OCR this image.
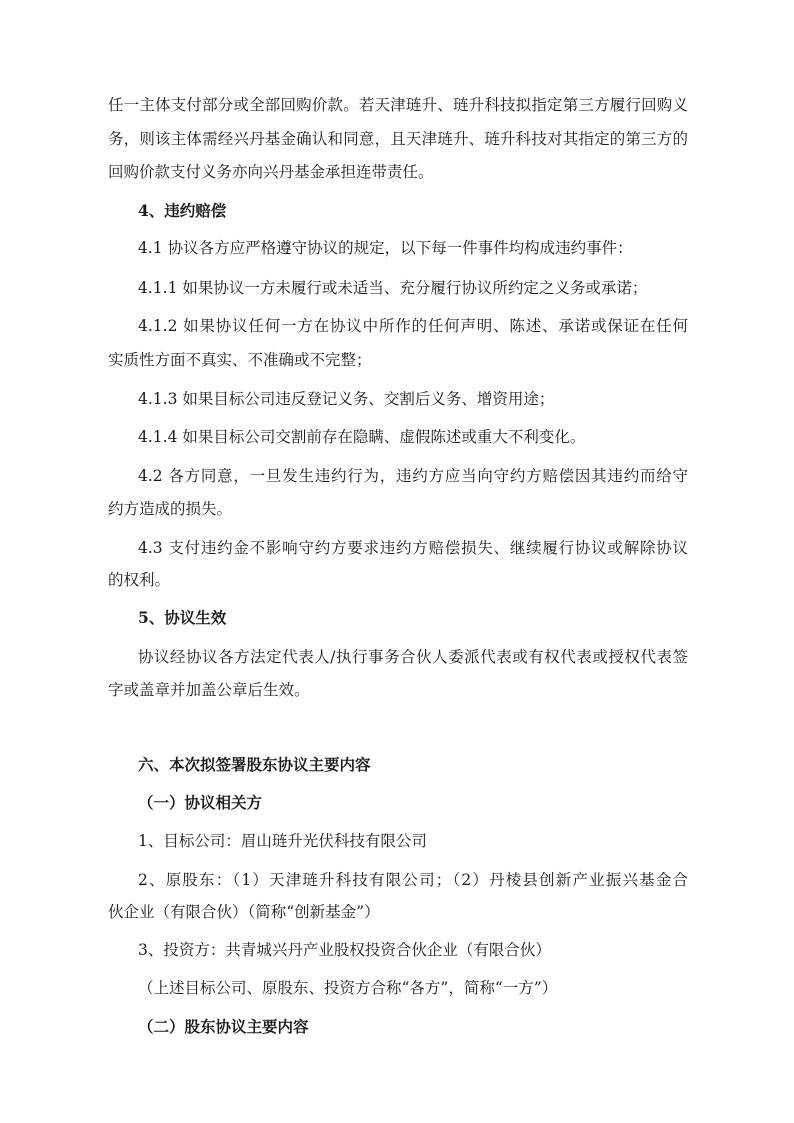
任一主体支付部分或全部回购价款。若天津琏升、琏升科技拟指定第三方履行回购义
务，则该主体需经兴丹基金确认和同意，且天津琏升、琏升科技对其指定的第三方的
回购价款支付义务亦向兴丹基金承担连带责任。
4、违约赔偿
4.1 协议各方应严格遵守协议的规定，以下每一件事件均构成违约事件：
4.1.1 如果协议一方未履行或未适当、充分履行协议所约定之义务或承诺；
4.1.2 如果协议任何一方在协议中所作的任何声明、陈述、承诺或保证在任何
实质性方面不真实、不准确或不完整；
4.1.3 如果目标公司违反登记义务、交割后义务、增资用途；
4.1.4 如果目标公司交割前存在隐瞒、虚假陈述或重大不利变化。
4.2 各方同意，一旦发生违约行为，违约方应当向守约方赔偿因其违约而给守
约方造成的损失。
4.3 支付违约金不影响守约方要求违约方赔偿损失、继续履行协议或解除协议
的权利。
5、协议生效
协议经协议各方法定代表人/执行事务合伙人委派代表或有权代表或授权代表签
字或盖章并加盖公章后生效。
六、本次拟签署股东协议主要内容
（一）协议相关方
1、目标公司：眉山琏升光伏科技有限公司
2、原股东：（1）天津琏升科技有限公司；（2）丹棱县创新产业振兴基金合
伙企业（有限合伙）（简称“创新基金”）
3、投资方：共青城兴丹产业股权投资合伙企业（有限合伙）
（上述目标公司、原股东、投资方合称“各方”，简称“一方”）
（二）股东协议主要内容
